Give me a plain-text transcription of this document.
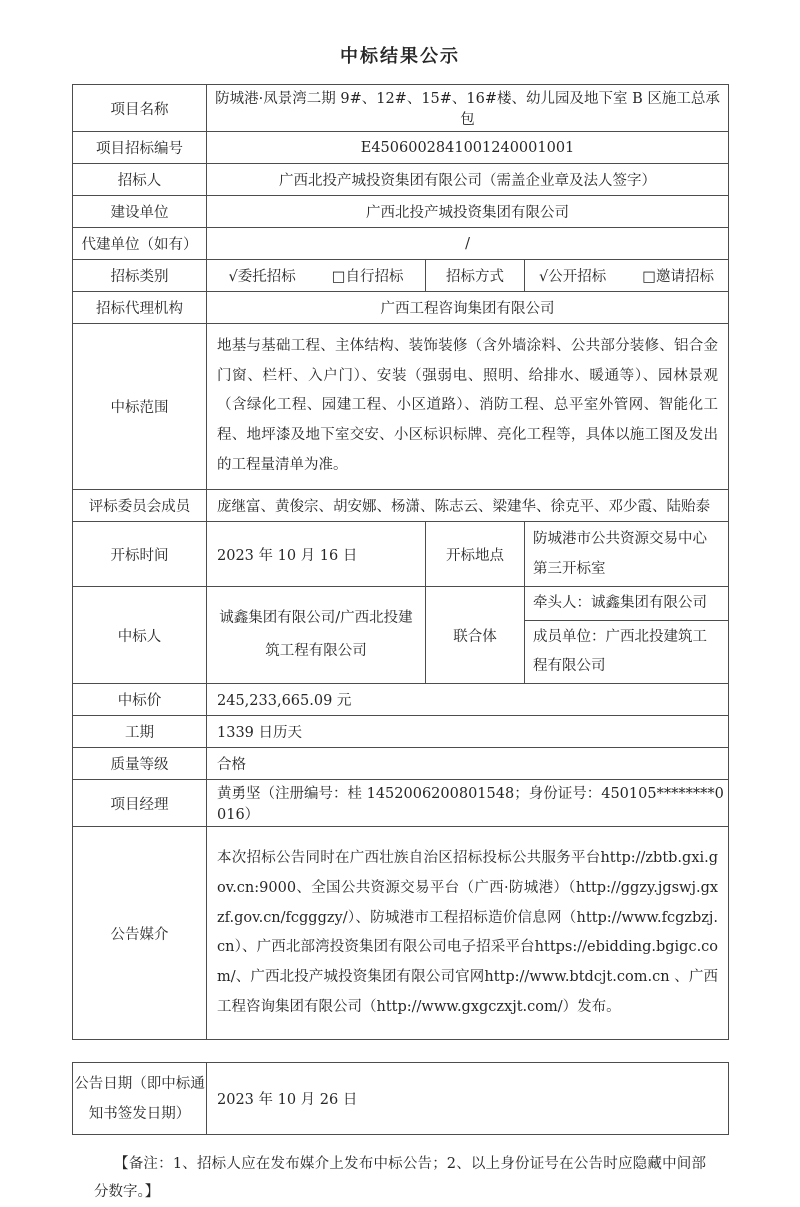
中标结果公示
项目名称	防城港·凤景湾二期 9#、12#、15#、16#楼、幼儿园及地下室 B 区施工总承包		
项目招标编号	E4506002841001240001001		
招标人	广西北投产城投资集团有限公司（需盖企业章及法人签字）		
建设单位	广西北投产城投资集团有限公司		
代建单位（如有）	/		
招标类别	√委托招标 □自行招标	招标方式	√公开招标 □邀请招标

招标代理机构	广西工程咨询集团有限公司		
中标范围	地基与基础工程、主体结构、装饰装修（含外墙涂料、公共部分装修、铝合金门窗、栏杆、入户门）、安装（强弱电、照明、给排水、暖通等）、园林景观（含绿化工程、园建工程、小区道路）、消防工程、总平室外管网、智能化工程、地坪漆及地下室交安、小区标识标牌、亮化工程等，具体以施工图及发出的工程量清单为准。		
评标委员会成员	庞继富、黄俊宗、胡安娜、杨潇、陈志云、梁建华、徐克平、邓少霞、陆贻泰		
开标时间	2023 年 10 月 16 日	开标地点	防城港市公共资源交易中心第三开标室
中标人	诚鑫集团有限公司/广西北投建筑工程有限公司	联合体	牵头人：诚鑫集团有限公司
			成员单位：广西北投建筑工程有限公司
中标价	245,233,665.09 元		
工期	1339 日历天		
质量等级	合格		
项目经理	黄勇坚（注册编号：桂 1452006200801548；身份证号：450105********0016）		
公告媒介	本次招标公告同时在广西壮族自治区招标投标公共服务平台http://zbtb.gxi.gov.cn:9000、全国公共资源交易平台（广西·防城港）（http://ggzy.jgswj.gxzf.gov.cn/fcgggzy/）、防城港市工程招标造价信息网（http://www.fcgzbzj.cn）、广西北部湾投资集团有限公司电子招采平台https://ebidding.bgigc.com/、广西北投产城投资集团有限公司官网http://www.btdcjt.com.cn 、广西工程咨询集团有限公司（http://www.gxgczxjt.com/）发布。		
公告日期（即中标通知书签发日期）	2023 年 10 月 26 日
【备注：1、招标人应在发布媒介上发布中标公告；2、以上身份证号在公告时应隐藏中间部分数字。】
